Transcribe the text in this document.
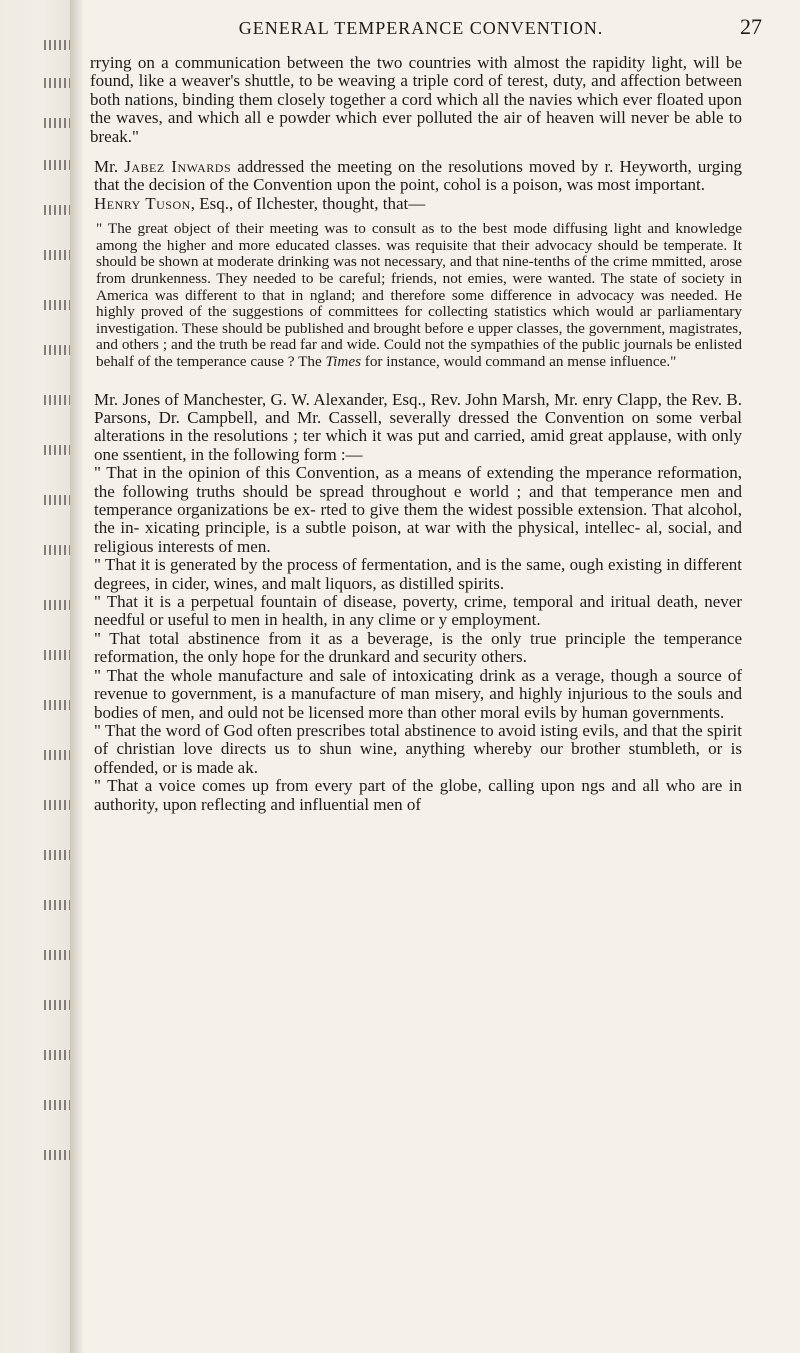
GENERAL TEMPERANCE CONVENTION.	27

rrying on a communication between the two countries with almost the rapidity light, will be found, like a weaver's shuttle, to be weaving a triple cord of terest, duty, and affection between both nations, binding them closely together a cord which all the navies which ever floated upon the waves, and which all e powder which ever polluted the air of heaven will never be able to break."

Mr. Jabez Inwards addressed the meeting on the resolutions moved by r. Heyworth, urging that the decision of the Convention upon the point, cohol is a poison, was most important.

Henry Tuson, Esq., of Ilchester, thought, that—

" The great object of their meeting was to consult as to the best mode diffusing light and knowledge among the higher and more educated classes. was requisite that their advocacy should be temperate. It should be shown at moderate drinking was not necessary, and that nine-tenths of the crime mmitted, arose from drunkenness. They needed to be careful; friends, not emies, were wanted. The state of society in America was different to that in ngland; and therefore some difference in advocacy was needed. He highly proved of the suggestions of committees for collecting statistics which would ar parliamentary investigation. These should be published and brought before e upper classes, the government, magistrates, and others ; and the truth be read far and wide. Could not the sympathies of the public journals be enlisted behalf of the temperance cause ? The Times for instance, would command an mense influence."

Mr. Jones of Manchester, G. W. Alexander, Esq., Rev. John Marsh, Mr. enry Clapp, the Rev. B. Parsons, Dr. Campbell, and Mr. Cassell, severally dressed the Convention on some verbal alterations in the resolutions ; ter which it was put and carried, amid great applause, with only one ssentient, in the following form :—

" That in the opinion of this Convention, as a means of extending the mperance reformation, the following truths should be spread throughout e world ; and that temperance men and temperance organizations be ex- rted to give them the widest possible extension. That alcohol, the in- xicating principle, is a subtle poison, at war with the physical, intellec- al, social, and religious interests of men.

" That it is generated by the process of fermentation, and is the same, ough existing in different degrees, in cider, wines, and malt liquors, as distilled spirits.

" That it is a perpetual fountain of disease, poverty, crime, temporal and iritual death, never needful or useful to men in health, in any clime or y employment.

" That total abstinence from it as a beverage, is the only true principle the temperance reformation, the only hope for the drunkard and security others.

" That the whole manufacture and sale of intoxicating drink as a verage, though a source of revenue to government, is a manufacture of man misery, and highly injurious to the souls and bodies of men, and ould not be licensed more than other moral evils by human governments.

" That the word of God often prescribes total abstinence to avoid isting evils, and that the spirit of christian love directs us to shun wine, anything whereby our brother stumbleth, or is offended, or is made ak.

" That a voice comes up from every part of the globe, calling upon ngs and all who are in authority, upon reflecting and influential men of
